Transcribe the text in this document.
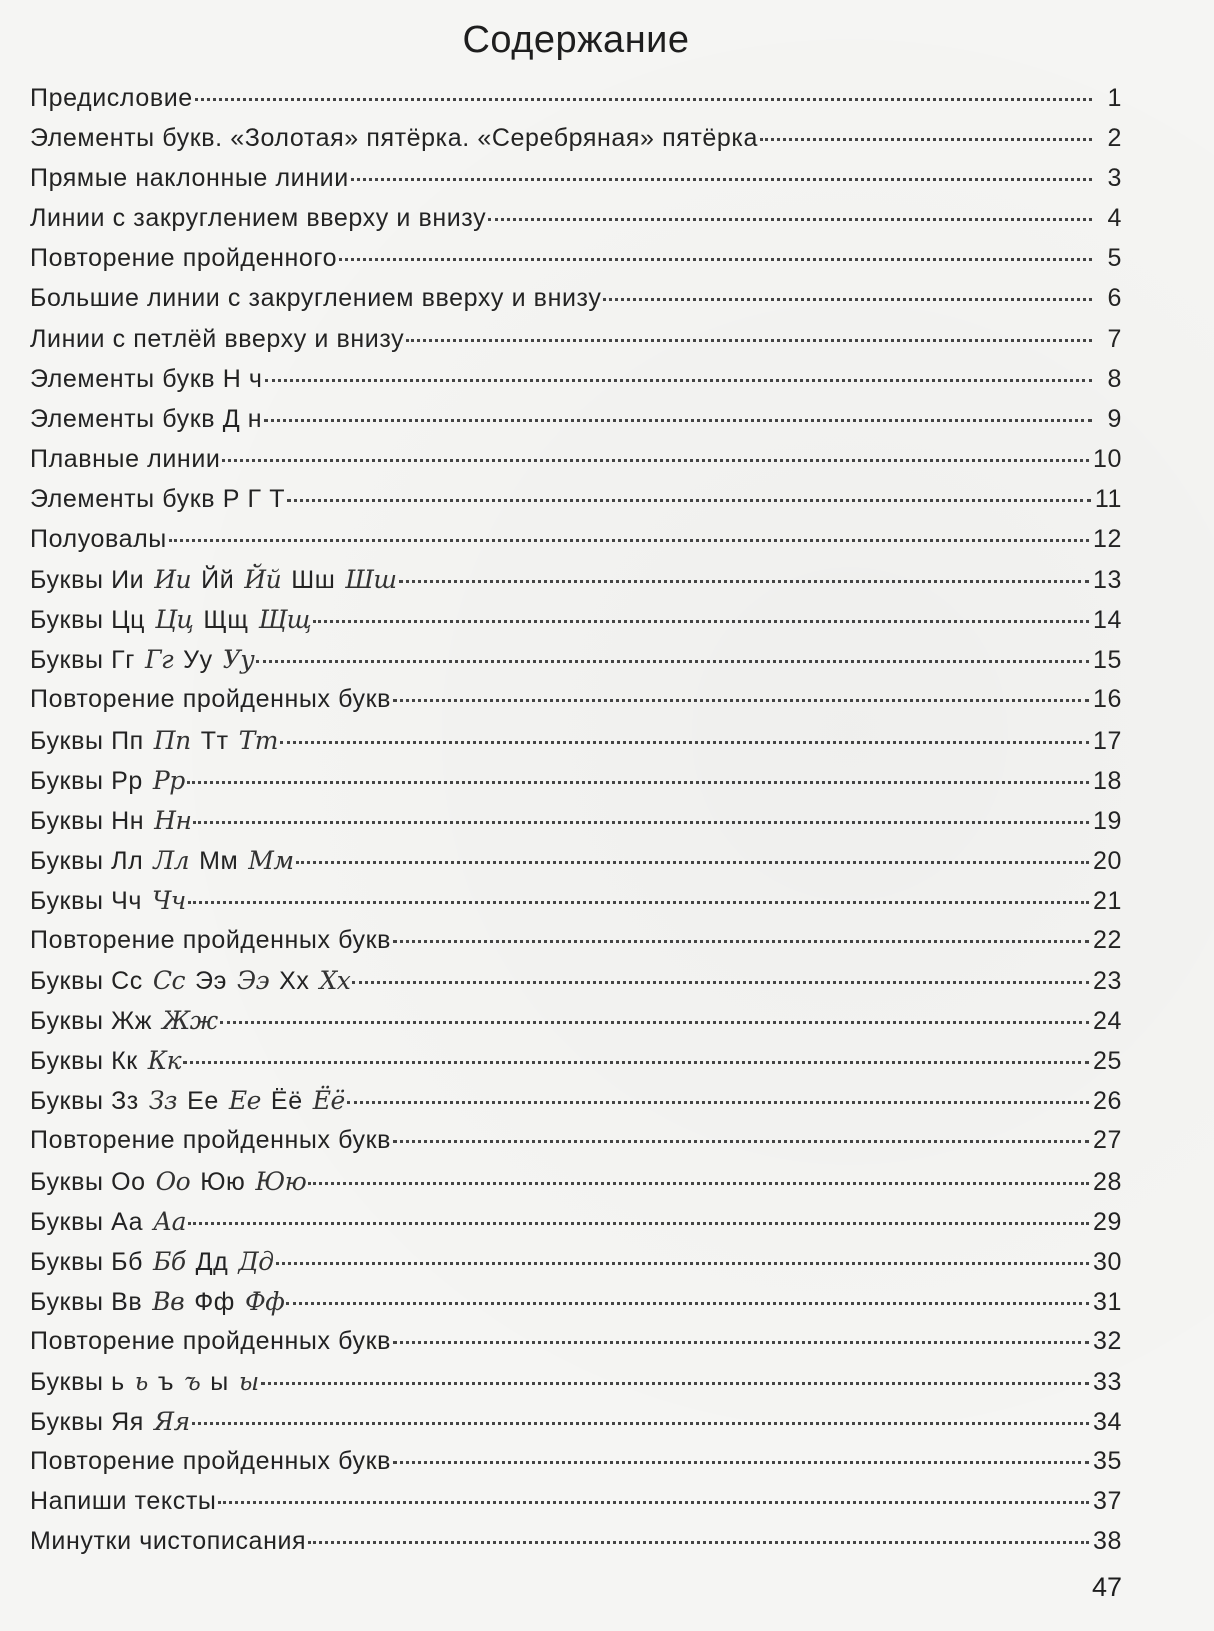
Содержание
Предисловие	1
Элементы букв. «Золотая» пятёрка. «Серебряная» пятёрка	2
Прямые наклонные линии	3
Линии с закруглением вверху и внизу	4
Повторение пройденного	5
Большие линии с закруглением вверху и внизу	6
Линии с петлёй вверху и внизу	7
Элементы букв Н ч	8
Элементы букв Д н	9
Плавные линии	10
Элементы букв Р Г Т	11
Полуовалы	12
Буквы Ии Ии Йй Йй Шш Шш	13
Буквы Цц Цц Щщ Щщ	14
Буквы Гг Гг Уу Уу	15
Повторение пройденных букв	16
Буквы Пп Пп Тт Тт	17
Буквы Рр Рр	18
Буквы Нн Нн	19
Буквы Лл Лл Мм Мм	20
Буквы Чч Чч	21
Повторение пройденных букв	22
Буквы Сс Сс Ээ Ээ Хх Хх	23
Буквы Жж Жж	24
Буквы Кк Кк	25
Буквы Зз Зз Ее Ее Ёё Ёё	26
Повторение пройденных букв	27
Буквы Оо Оо Юю Юю	28
Буквы Аа Аа	29
Буквы Бб Бб Дд Дд	30
Буквы Вв Вв Фф Фф	31
Повторение пройденных букв	32
Буквы ь ь ъ ъ ы ы	33
Буквы Яя Яя	34
Повторение пройденных букв	35
Напиши тексты	37
Минутки чистописания	38
47
